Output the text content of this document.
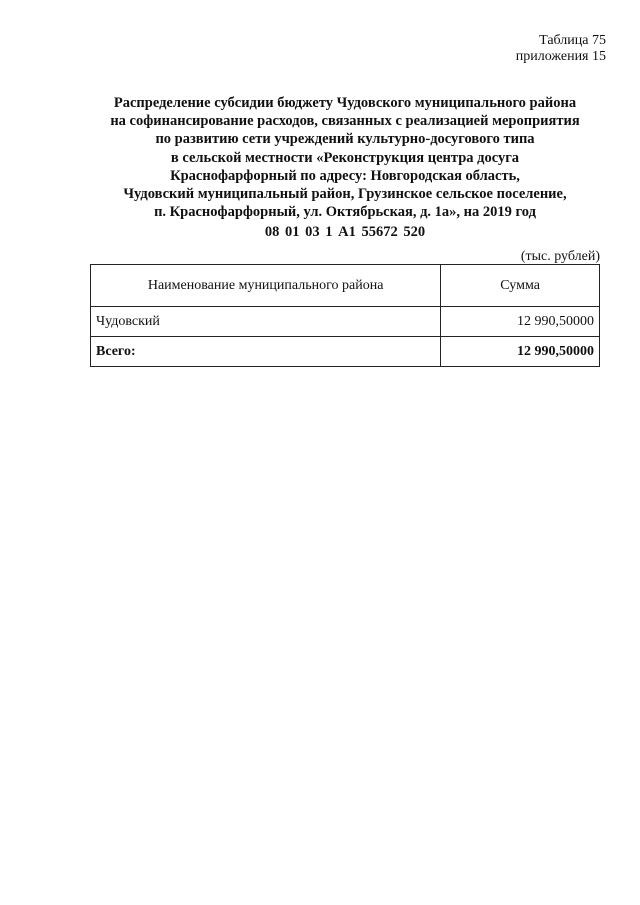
Таблица 75
приложения 15
Распределение субсидии бюджету Чудовского муниципального района
на софинансирование расходов, связанных с реализацией мероприятия
по развитию сети учреждений культурно-досугового типа
в сельской местности «Реконструкция центра досуга
Краснофарфорный по адресу: Новгородская область,
Чудовский муниципальный район, Грузинское сельское поселение,
п. Краснофарфорный, ул. Октябрьская, д. 1а», на 2019 год
08 01 03 1 А1 55672 520
(тыс. рублей)
Наименование муниципального района	Сумма
Чудовский	12 990,50000
Всего:	12 990,50000
